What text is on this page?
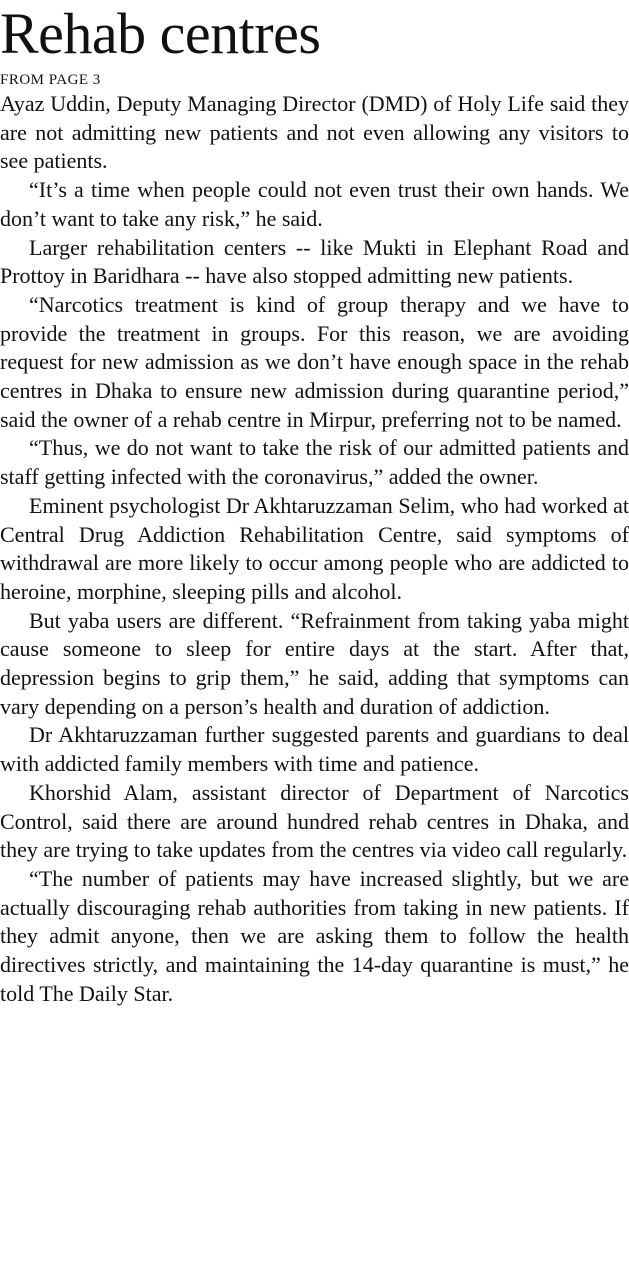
Rehab centres
FROM PAGE 3

Ayaz Uddin, Deputy Managing Director (DMD) of Holy Life said they are not admitting new patients and not even allowing any visitors to see patients.

“It’s a time when people could not even trust their own hands. We don’t want to take any risk,” he said.

Larger rehabilitation centers -- like Mukti in Elephant Road and Prottoy in Baridhara -- have also stopped admitting new patients.

“Narcotics treatment is kind of group therapy and we have to provide the treatment in groups. For this reason, we are avoiding request for new admission as we don’t have enough space in the rehab centres in Dhaka to ensure new admission during quarantine period,” said the owner of a rehab centre in Mirpur, preferring not to be named.

“Thus, we do not want to take the risk of our admitted patients and staff getting infected with the coronavirus,” added the owner.

Eminent psychologist Dr Akhtaruzzaman Selim, who had worked at Central Drug Addiction Rehabilitation Centre, said symptoms of withdrawal are more likely to occur among people who are addicted to heroine, morphine, sleeping pills and alcohol.

But yaba users are different. “Refrainment from taking yaba might cause someone to sleep for entire days at the start. After that, depression begins to grip them,” he said, adding that symptoms can vary depending on a person’s health and duration of addiction.

Dr Akhtaruzzaman further suggested parents and guardians to deal with addicted family members with time and patience.

Khorshid Alam, assistant director of Department of Narcotics Control, said there are around hundred rehab centres in Dhaka, and they are trying to take updates from the centres via video call regularly.

“The number of patients may have increased slightly, but we are actually discouraging rehab authorities from taking in new patients. If they admit anyone, then we are asking them to follow the health directives strictly, and maintaining the 14-day quarantine is must,” he told The Daily Star.
